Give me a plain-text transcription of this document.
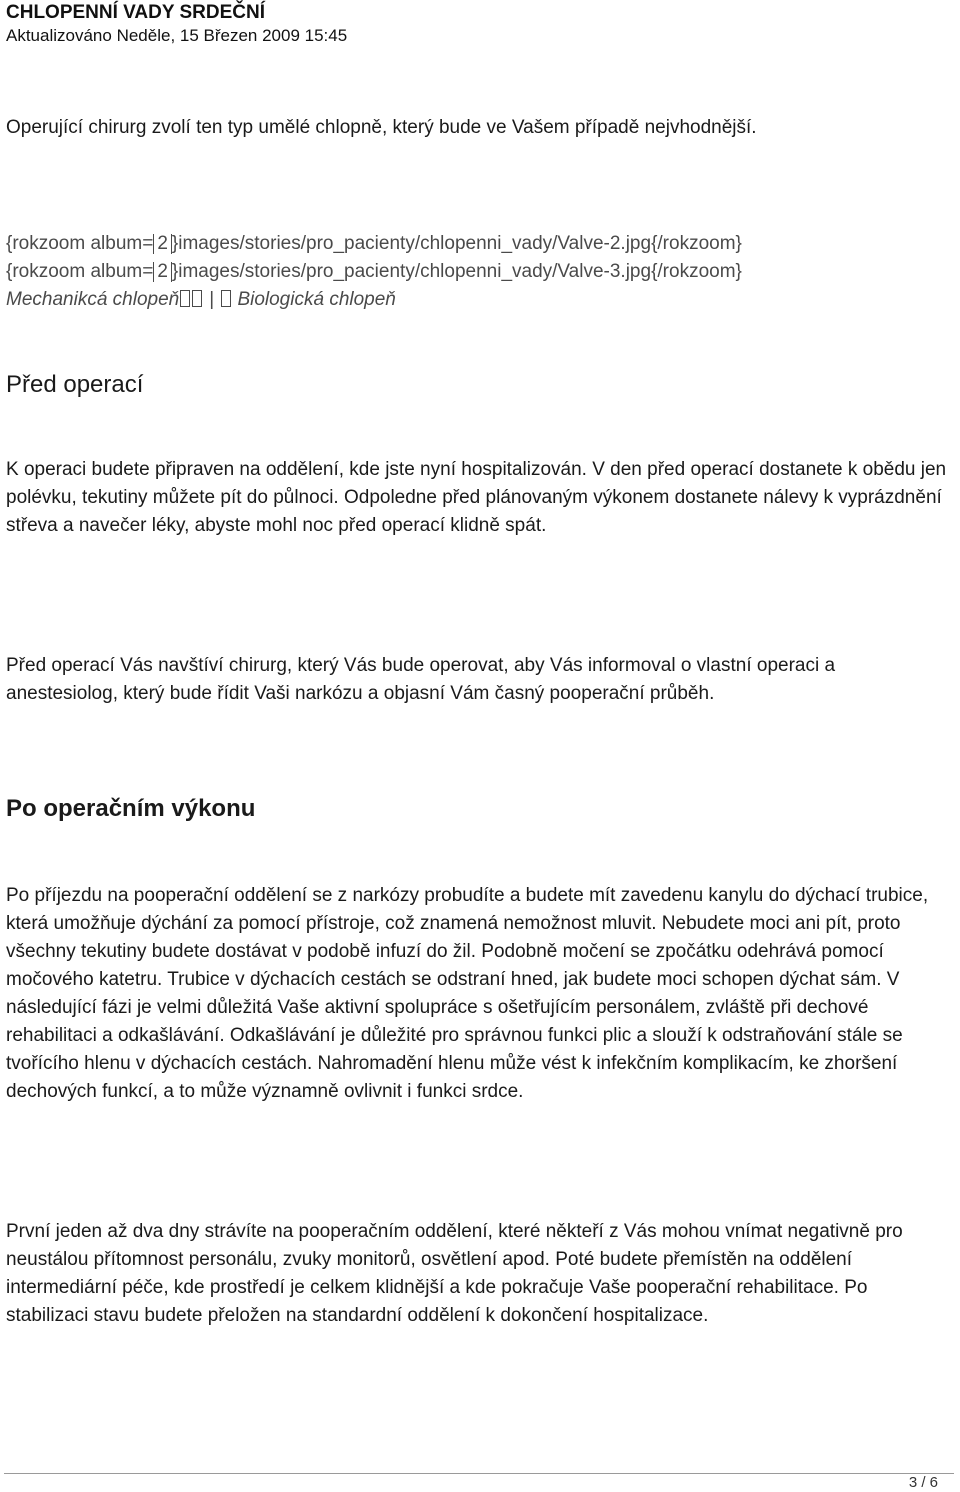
CHLOPENNÍ VADY SRDEČNÍ
Aktualizováno Neděle, 15 Březen 2009 15:45
Operující chirurg zvolí ten typ umělé chlopně, který bude ve Vašem případě nejvhodnější.
{rokzoom album= 2 }images/stories/pro_pacienty/chlopenni_vady/Valve-2.jpg{/rokzoom}
{rokzoom album= 2 }images/stories/pro_pacienty/chlopenni_vady/Valve-3.jpg{/rokzoom}
Mechanikcá chlopeň | Biologická chlopeň
Před operací
K operaci budete připraven na oddělení, kde jste nyní hospitalizován. V den před operací dostanete k obědu jen polévku, tekutiny můžete pít do půlnoci. Odpoledne před plánovaným výkonem dostanete nálevy k vyprázdnění střeva a navečer léky, abyste mohl noc před operací klidně spát.
Před operací Vás navštíví chirurg, který Vás bude operovat, aby Vás informoval o vlastní operaci a anestesiolog, který bude řídit Vaši narkózu a objasní Vám časný pooperační průběh.
Po operačním výkonu
Po příjezdu na pooperační oddělení se z narkózy probudíte a budete mít zavedenu kanylu do dýchací trubice, která umožňuje dýchání za pomocí přístroje, což znamená nemožnost mluvit. Nebudete moci ani pít, proto všechny tekutiny budete dostávat v podobě infuzí do žil. Podobně močení se zpočátku odehrává pomocí močového katetru. Trubice v dýchacích cestách se odstraní hned, jak budete moci schopen dýchat sám. V následující fázi je velmi důležitá Vaše aktivní spolupráce s ošetřujícím personálem, zvláště při dechové rehabilitaci a odkašlávání. Odkašlávání je důležité pro správnou funkci plic a slouží k odstraňování stále se tvořícího hlenu v dýchacích cestách. Nahromadění hlenu může vést k infekčním komplikacím, ke zhoršení dechových funkcí, a to může významně ovlivnit i funkci srdce.
První jeden až dva dny strávíte na pooperačním oddělení, které někteří z Vás mohou vnímat negativně pro neustálou přítomnost personálu, zvuky monitorů, osvětlení apod. Poté budete přemístěn na oddělení intermediární péče, kde prostředí je celkem klidnější a kde pokračuje Vaše pooperační rehabilitace. Po stabilizaci stavu budete přeložen na standardní oddělení k dokončení hospitalizace.
3 / 6
